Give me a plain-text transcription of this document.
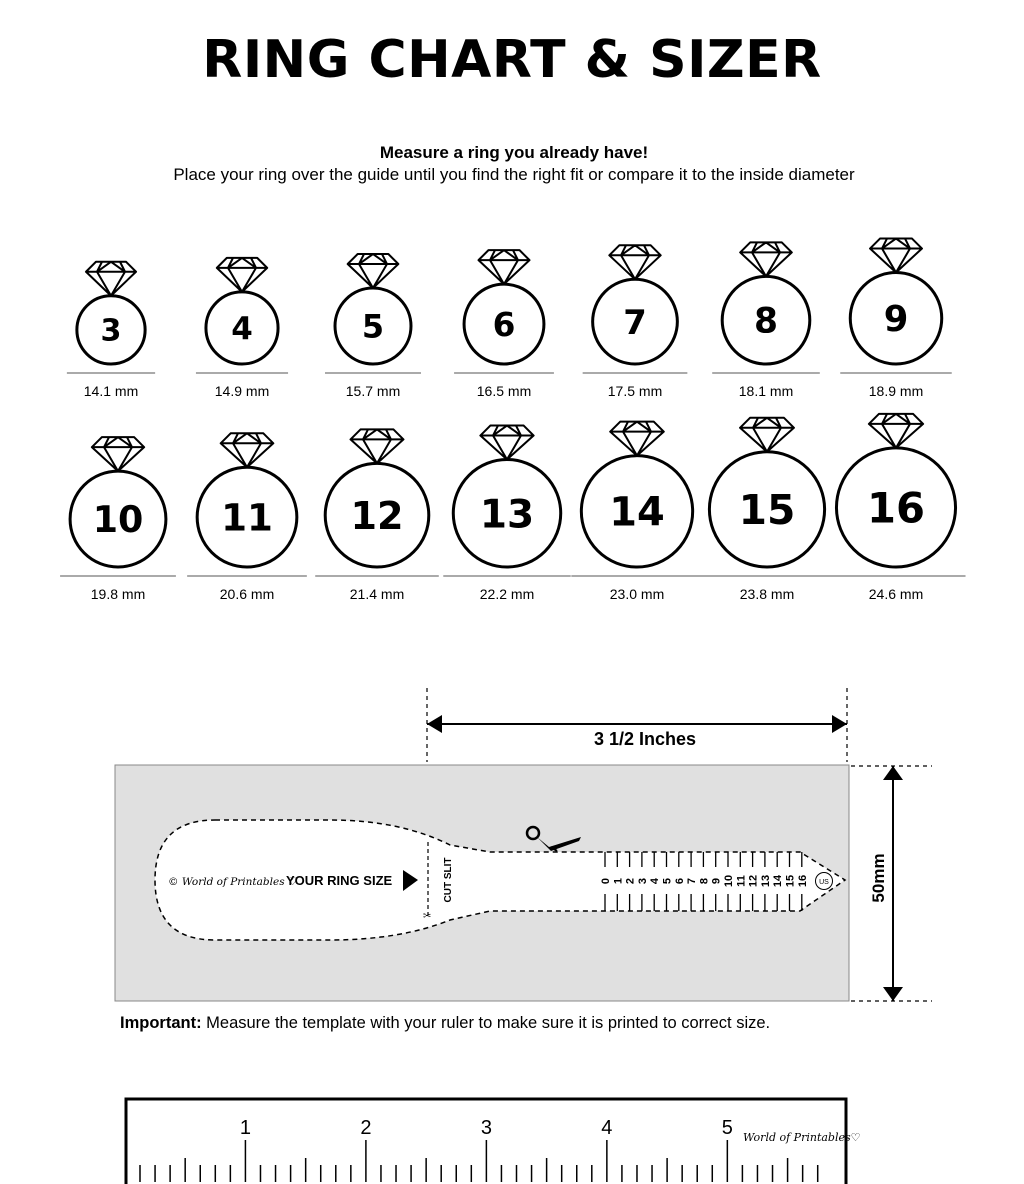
RING CHART & SIZER
Measure a ring you already have!
Place your ring over the guide until you find the right fit or compare it to the inside diameter
3
14.1 mm
4
14.9 mm
5
15.7 mm
6
16.5 mm
7
17.5 mm
8
18.1 mm
9
18.9 mm
10
19.8 mm
11
20.6 mm
12
21.4 mm
13
22.2 mm
14
23.0 mm
15
23.8 mm
16
24.6 mm
3 1/2 Inches
50mm
CUT SLIT
✂
© World of Printables ♡
YOUR RING SIZE	0 1 2 3 4 5 6 7 8 9 10 11 12 13 14 15 16 US
1	2	3	4	5 World of Printables♡
Important: Measure the template with your ruler to make sure it is printed to correct size.
